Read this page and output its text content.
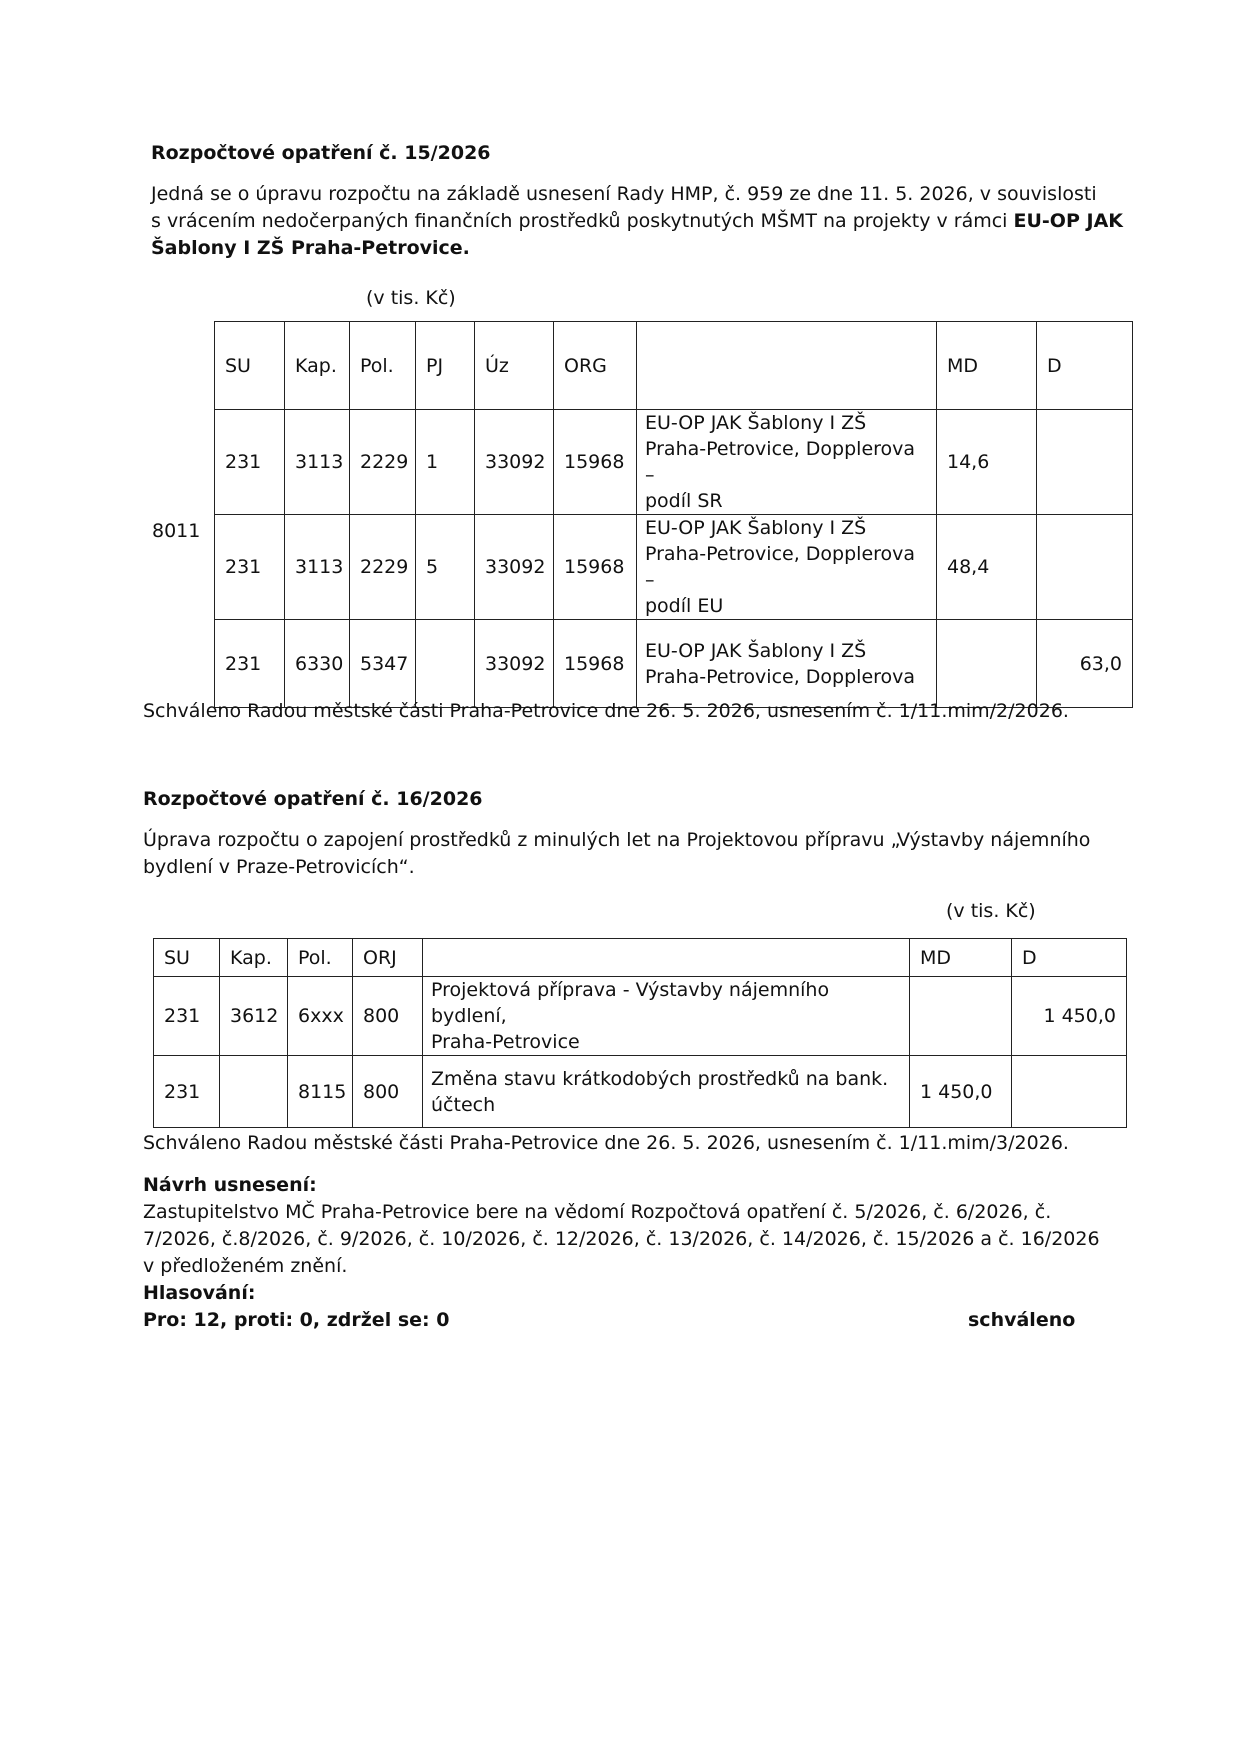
Rozpočtové opatření č. 15/2026

Jedná se o úpravu rozpočtu na základě usnesení Rady HMP, č. 959 ze dne 11. 5. 2026, v souvislosti

s vrácením nedočerpaných finančních prostředků poskytnutých MŠMT na projekty v rámci EU-OP JAK

Šablony I ZŠ Praha-Petrovice.

(v tis. Kč)
8011
SU	Kap.	Pol.	PJ	Úz	ORG		MD	D
231	3113	2229	1	33092	15968	EU-OP JAK Šablony I ZŠ
Praha-Petrovice, Dopplerova –
podíl SR	14,6	
231	3113	2229	5	33092	15968	EU-OP JAK Šablony I ZŠ
Praha-Petrovice, Dopplerova –
podíl EU	48,4	
231	6330	5347		33092	15968	EU-OP JAK Šablony I ZŠ
Praha-Petrovice, Dopplerova		63,0
Schváleno Radou městské části Praha-Petrovice dne 26. 5. 2026, usnesením č. 1/11.mim/2/2026.
Rozpočtové opatření č. 16/2026

Úprava rozpočtu o zapojení prostředků z minulých let na Projektovou přípravu „Výstavby nájemního

bydlení v Praze-Petrovicích“.

(v tis. Kč)
SU	Kap.	Pol.	ORJ		MD	D
231	3612	6xxx	800	Projektová příprava - Výstavby nájemního bydlení,
Praha-Petrovice		1 450,0
231		8115	800	Změna stavu krátkodobých prostředků na bank.
účtech	1 450,0	
Schváleno Radou městské části Praha-Petrovice dne 26. 5. 2026, usnesením č. 1/11.mim/3/2026.

Návrh usnesení:

Zastupitelstvo MČ Praha-Petrovice bere na vědomí Rozpočtová opatření č. 5/2026, č. 6/2026, č.

7/2026, č.8/2026, č. 9/2026, č. 10/2026, č. 12/2026, č. 13/2026, č. 14/2026, č. 15/2026 a č. 16/2026

v předloženém znění.

Hlasování:

Pro: 12, proti: 0, zdržel se: 0	schváleno
